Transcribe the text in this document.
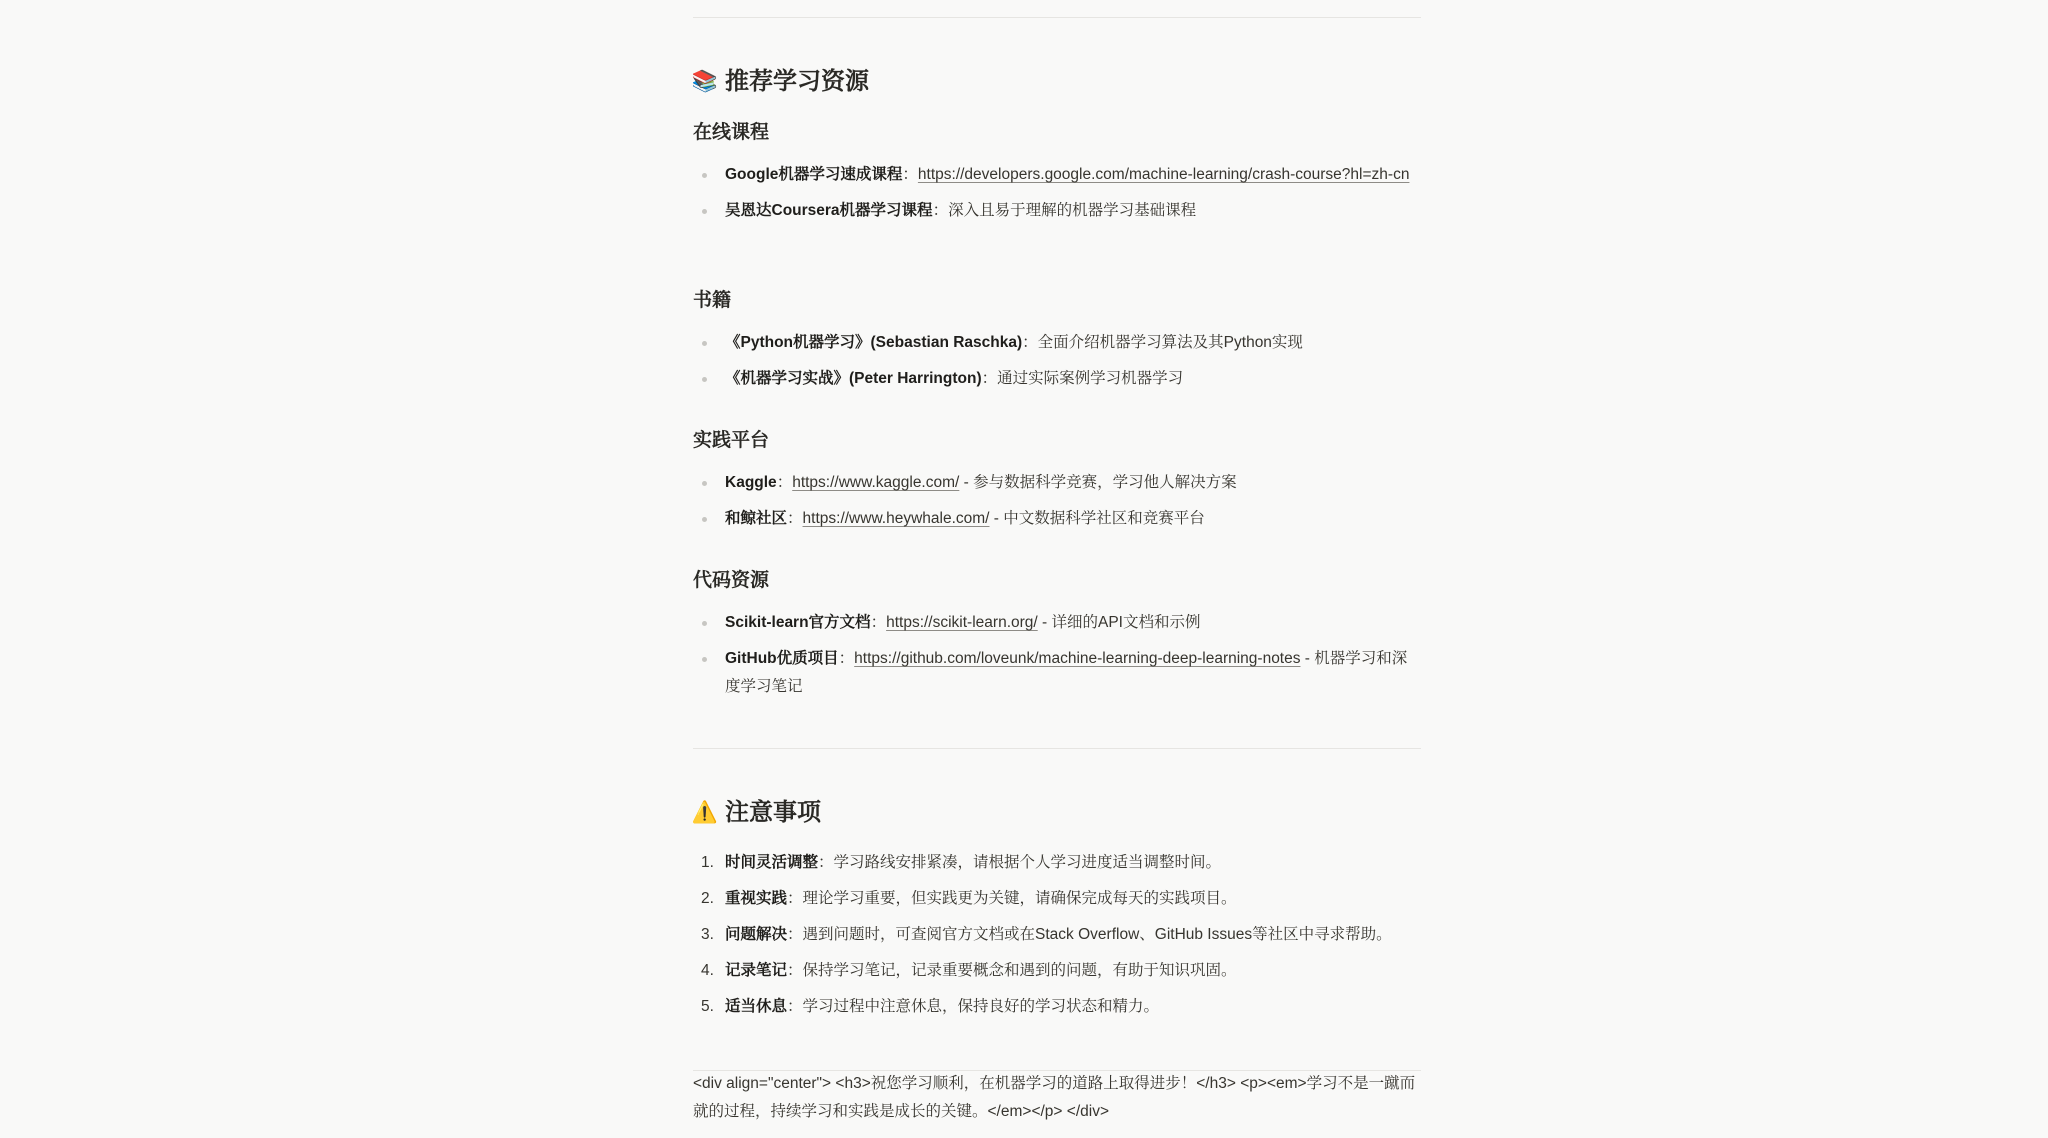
📚 推荐学习资源
在线课程
Google机器学习速成课程：https://developers.google.com/machine-learning/crash-course?hl=zh-cn
吴恩达Coursera机器学习课程：深入且易于理解的机器学习基础课程
书籍
《Python机器学习》(Sebastian Raschka)：全面介绍机器学习算法及其Python实现
《机器学习实战》(Peter Harrington)：通过实际案例学习机器学习
实践平台
Kaggle：https://www.kaggle.com/ - 参与数据科学竞赛，学习他人解决方案
和鲸社区：https://www.heywhale.com/ - 中文数据科学社区和竞赛平台
代码资源
Scikit-learn官方文档：https://scikit-learn.org/ - 详细的API文档和示例
GitHub优质项目：https://github.com/loveunk/machine-learning-deep-learning-notes - 机器学习和深度学习笔记
⚠️ 注意事项
1. 时间灵活调整：学习路线安排紧凑，请根据个人学习进度适当调整时间。
2. 重视实践：理论学习重要，但实践更为关键，请确保完成每天的实践项目。
3. 问题解决：遇到问题时，可查阅官方文档或在Stack Overflow、GitHub Issues等社区中寻求帮助。
4. 记录笔记：保持学习笔记，记录重要概念和遇到的问题，有助于知识巩固。
5. 适当休息：学习过程中注意休息，保持良好的学习状态和精力。
<div align="center"> <h3>祝您学习顺利，在机器学习的道路上取得进步！</h3> <p><em>学习不是一蹴而就的过程，持续学习和实践是成长的关键。</em></p> </div>
